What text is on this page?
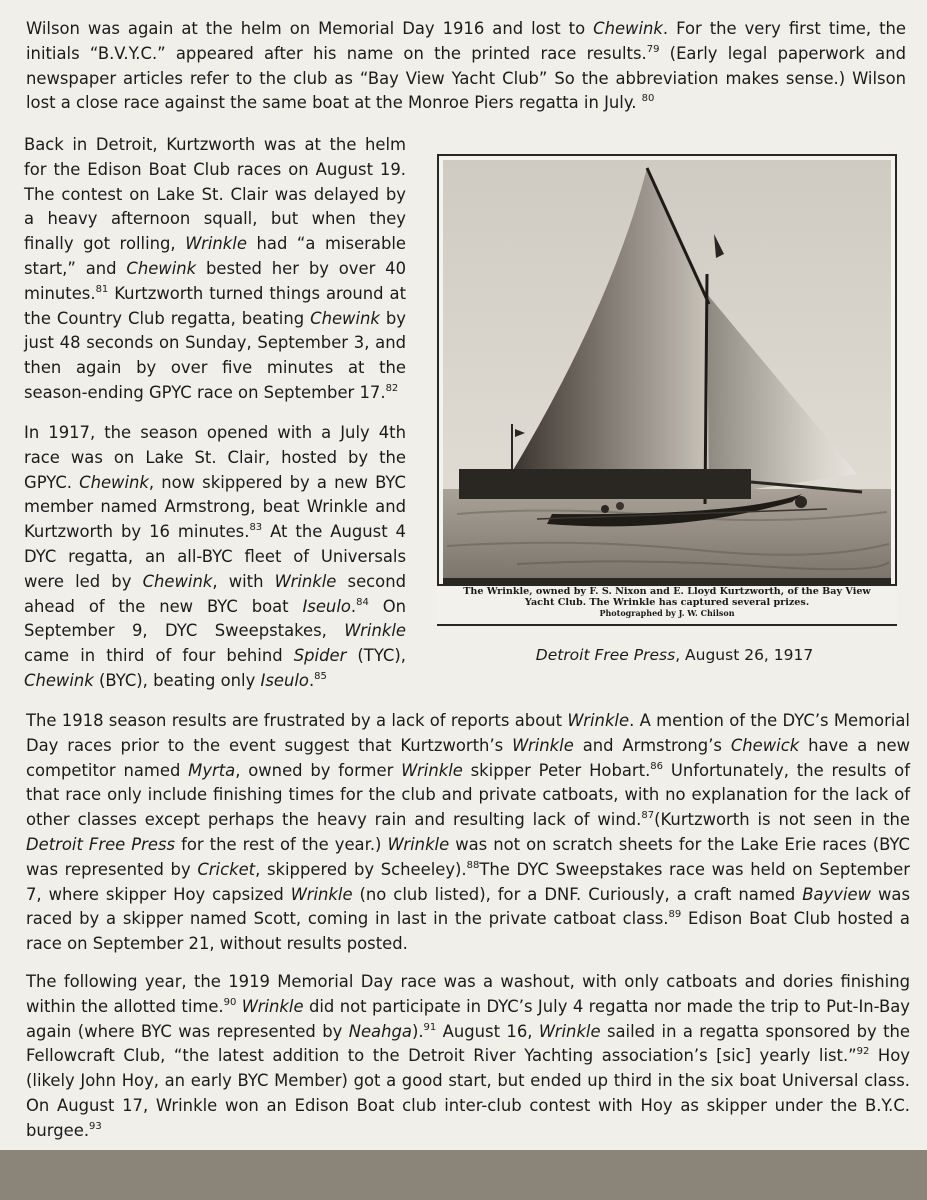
Wilson was again at the helm on Memorial Day 1916 and lost to Chewink. For the very first time, the initials “B.V.Y.C.” appeared after his name on the printed race results.$^{79}$ (Early legal paperwork and newspaper articles refer to the club as “Bay View Yacht Club” So the abbreviation makes sense.) Wilson lost a close race against the same boat at the Monroe Piers regatta in July. $^{80}$

Back in Detroit, Kurtzworth was at the helm for the Edison Boat Club races on August 19. The contest on Lake St. Clair was delayed by a heavy afternoon squall, but when they finally got rolling, Wrinkle had “a miserable start,” and Chewink bested her by over 40 minutes.$^{81}$ Kurtzworth turned things around at the Country Club regatta, beating Chewink by just 48 seconds on Sunday, September 3, and then again by over five minutes at the season-ending GPYC race on September 17.82

In 1917, the season opened with a July 4th race was on Lake St. Clair, hosted by the GPYC. Chewink, now skippered by a new BYC member named Armstrong, beat Wrinkle and Kurtzworth by 16 minutes.$^{83}$ At the August 4 DYC regatta, an all-BYC fleet of Universals were led by Chewink, with Wrinkle second ahead of the new BYC boat Iseulo.$^{84}$ On September 9, DYC Sweepstakes, Wrinkle came in third of four behind Spider (TYC), Chewink (BYC), beating only Iseulo.$^{85}$

The Wrinkle, owned by F. S. Nixon and E. Lloyd Kurtzworth, of the Bay View
Yacht Club. The Wrinkle has captured several prizes.
Photographed by J. W. Chilson
Detroit Free Press, August 26, 1917

The 1918 season results are frustrated by a lack of reports about Wrinkle. A mention of the DYC’s Memorial Day races prior to the event suggest that Kurtzworth’s Wrinkle and Armstrong’s Chewick have a new competitor named Myrta, owned by former Wrinkle skipper Peter Hobart.$^{86}$ Unfortunately, the results of that race only include finishing times for the club and private catboats, with no explanation for the lack of other classes except perhaps the heavy rain and resulting lack of wind.$^{87}$(Kurtzworth is not seen in the Detroit Free Press for the rest of the year.) Wrinkle was not on scratch sheets for the Lake Erie races (BYC was represented by Cricket, skippered by Scheeley).$^{88}$The DYC Sweepstakes race was held on September 7, where skipper Hoy capsized Wrinkle (no club listed), for a DNF. Curiously, a craft named Bayview was raced by a skipper named Scott, coming in last in the private catboat class.$^{89}$ Edison Boat Club hosted a race on September 21, without results posted.

The following year, the 1919 Memorial Day race was a washout, with only catboats and dories finishing within the allotted time.$^{90}$ Wrinkle did not participate in DYC’s July 4 regatta nor made the trip to Put-In-Bay again (where BYC was represented by Neahga).$^{91}$ August 16, Wrinkle sailed in a regatta sponsored by the Fellowcraft Club, “the latest addition to the Detroit River Yachting association’s [sic] yearly list.”$^{92}$ Hoy (likely John Hoy, an early BYC Member) got a good start, but ended up third in the six boat Universal class. On August 17, Wrinkle won an Edison Boat club inter-club contest with Hoy as skipper under the B.Y.C. burgee.$^{93}$
